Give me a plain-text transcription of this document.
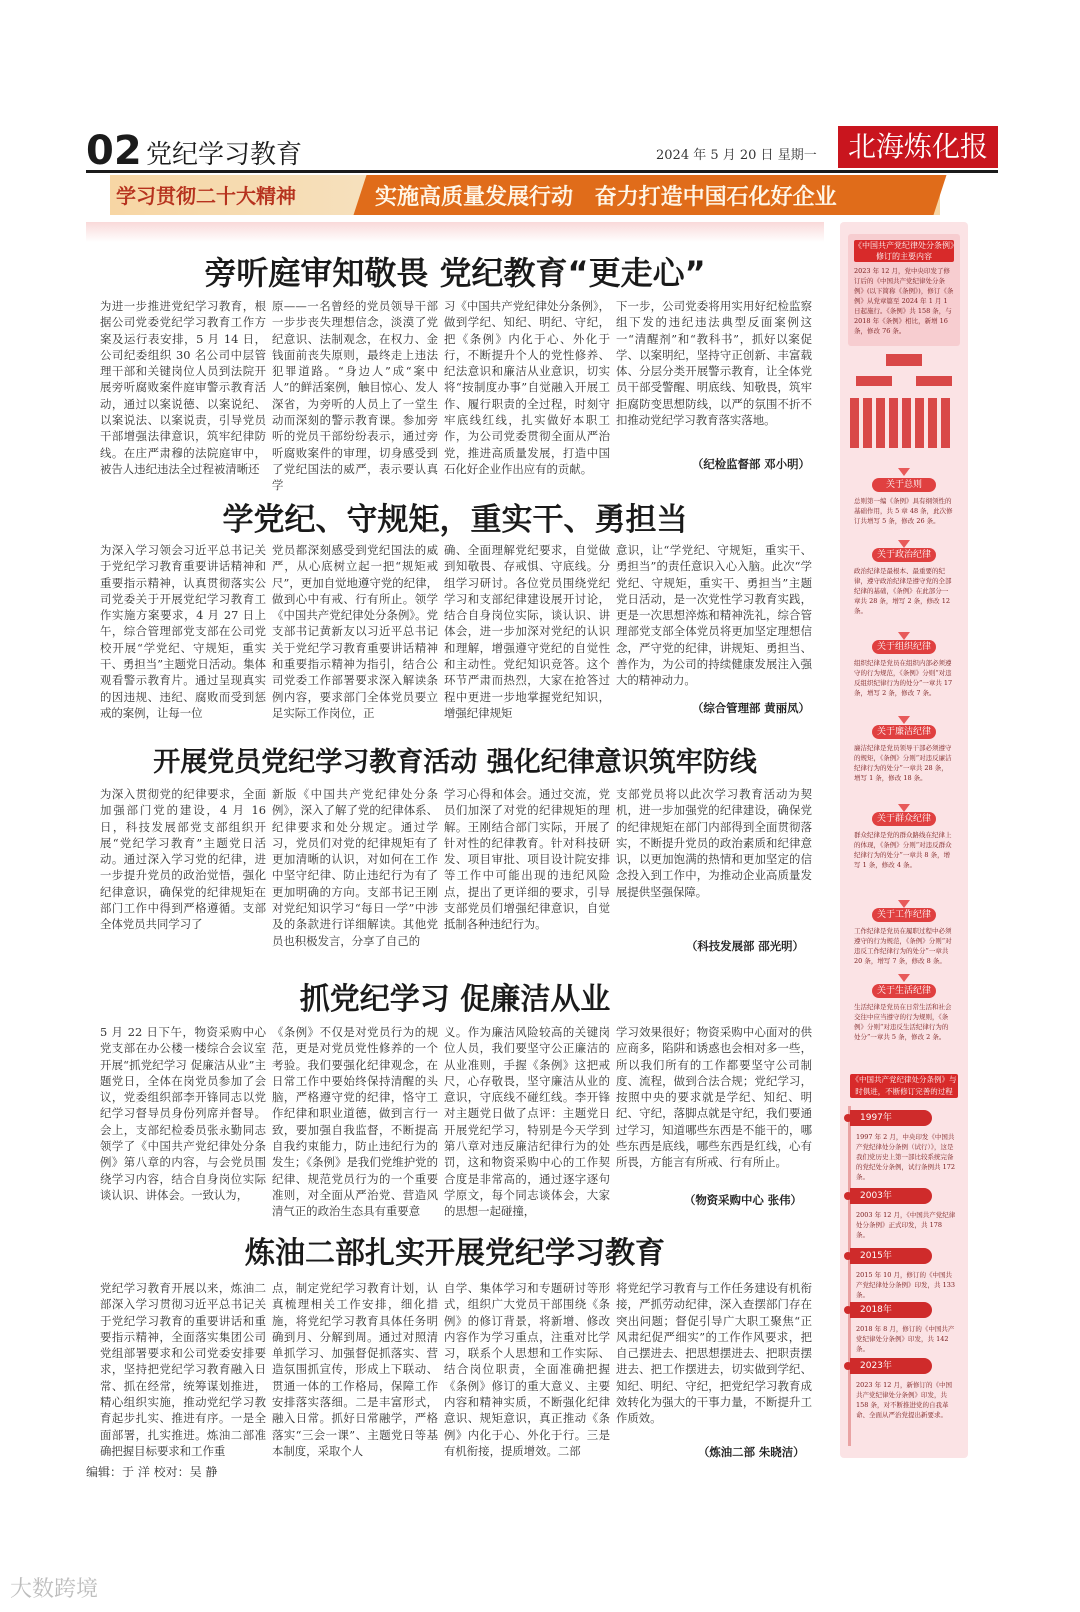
02 党纪学习教育	2024 年 5 月 20 日 星期一	北海炼化报
学习贯彻二十大精神	实施高质量发展行动 奋力打造中国石化好企业
旁听庭审知敬畏 党纪教育“更走心”
为进一步推进党纪学习教育，根据公司党委党纪学习教育工作方案及运行表安排，5 月 14 日，公司纪委组织 30 名公司中层管理干部和关键岗位人员到法院开展旁听腐败案件庭审警示教育活动，通过以案说德、以案说纪、以案说法、以案说责，引导党员干部增强法律意识，筑牢纪律防线。在庄严肃穆的法院庭审中，被告人违纪违法全过程被清晰还
原——一名曾经的党员领导干部一步步丧失理想信念，淡漠了党纪意识、法制观念，在权力、金钱面前丧失原则，最终走上违法犯罪道路。“身边人”成“案中人”的鲜活案例，触目惊心、发人深省，为旁听的人员上了一堂生动而深刻的警示教育课。参加旁听的党员干部纷纷表示，通过旁听腐败案件的审理，切身感受到了党纪国法的威严，表示要认真学
习《中国共产党纪律处分条例》，做到学纪、知纪、明纪、守纪，把《条例》内化于心、外化于行，不断提升个人的党性修养、纪法意识和廉洁从业意识，切实将“按制度办事”自觉融入开展工作、履行职责的全过程，时刻守牢底线红线，扎实做好本职工作，为公司党委贯彻全面从严治党，推进高质量发展，打造中国石化好企业作出应有的贡献。
下一步，公司党委将用实用好纪检监察组下发的违纪违法典型反面案例这一“清醒剂”和“教科书”，抓好以案促学、以案明纪，坚持守正创新、丰富载体、分层分类开展警示教育，让全体党员干部受警醒、明底线、知敬畏，筑牢拒腐防变思想防线，以严的氛围不折不扣推动党纪学习教育落实落地。
（纪检监督部 邓小明）
学党纪、守规矩，重实干、勇担当
为深入学习领会习近平总书记关于党纪学习教育重要讲话精神和重要指示精神，认真贯彻落实公司党委关于开展党纪学习教育工作实施方案要求，4 月 27 日上午，综合管理部党支部在公司党校开展“学党纪、守规矩，重实干、勇担当”主题党日活动。集体观看警示教育片。通过呈现真实的因违规、违纪、腐败而受到惩戒的案例，让每一位
党员都深刻感受到党纪国法的威严，从心底树立起一把“规矩戒尺”，更加自觉地遵守党的纪律，做到心中有戒、行有所止。领学《中国共产党纪律处分条例》。党支部书记黄新友以习近平总书记关于党纪学习教育重要讲话精神和重要指示精神为指引，结合公司党委工作部署要求深入解读条例内容，要求部门全体党员要立足实际工作岗位，正
确、全面理解党纪要求，自觉做到知敬畏、存戒惧、守底线。分组学习研讨。各位党员围绕党纪学习和支部纪律建设展开讨论，结合自身岗位实际，谈认识、讲体会，进一步加深对党纪的认识和理解，增强遵守党纪的自觉性和主动性。党纪知识竞答。这个环节严肃而热烈，大家在抢答过程中更进一步地掌握党纪知识，增强纪律规矩
意识，让“学党纪、守规矩，重实干、勇担当”的责任意识入心入脑。此次“学党纪、守规矩，重实干、勇担当”主题党日活动，是一次党性学习教育实践，更是一次思想淬炼和精神洗礼，综合管理部党支部全体党员将更加坚定理想信念，严守党的纪律，讲规矩、勇担当、善作为，为公司的持续健康发展注入强大的精神动力。
（综合管理部 黄丽凤）
开展党员党纪学习教育活动 强化纪律意识筑牢防线
为深入贯彻党的纪律要求，全面加强部门党的建设，4 月 16 日，科技发展部党支部组织开展“党纪学习教育”主题党日活动。通过深入学习党的纪律，进一步提升党员的政治觉悟，强化纪律意识，确保党的纪律规矩在部门工作中得到严格遵循。支部全体党员共同学习了
新版《中国共产党纪律处分条例》，深入了解了党的纪律体系、纪律要求和处分规定。通过学习，党员们对党的纪律规矩有了更加清晰的认识，对如何在工作中坚守纪律、防止违纪行为有了更加明确的方向。支部书记王刚对党纪知识学习“每日一学”中涉及的条款进行详细解读。其他党员也积极发言，分享了自己的
学习心得和体会。通过交流，党员们加深了对党的纪律规矩的理解。王刚结合部门实际，开展了针对性的纪律教育。针对科技研发、项目审批、项目设计院安排等工作中可能出现的违纪风险点，提出了更详细的要求，引导支部党员们增强纪律意识，自觉抵制各种违纪行为。
支部党员将以此次学习教育活动为契机，进一步加强党的纪律建设，确保党的纪律规矩在部门内部得到全面贯彻落实，不断提升党员的政治素质和纪律意识，以更加饱满的热情和更加坚定的信念投入到工作中，为推动企业高质量发展提供坚强保障。
（科技发展部 邵光明）
抓党纪学习 促廉洁从业
5 月 22 日下午，物资采购中心党支部在办公楼一楼综合会议室开展“抓党纪学习 促廉洁从业”主题党日，全体在岗党员参加了会议，党委组织部李开锋同志以党纪学习督导员身份列席并督导。会上，支部纪检委员张永勤同志领学了《中国共产党纪律处分条例》第八章的内容，与会党员围绕学习内容，结合自身岗位实际谈认识、讲体会。一致认为，
《条例》不仅是对党员行为的规范，更是对党员党性修养的一个考验。我们要强化纪律观念，在日常工作中要始终保持清醒的头脑，严格遵守党的纪律，恪守工作纪律和职业道德，做到言行一致，要加强自我监督，不断提高自我约束能力，防止违纪行为的发生；《条例》是我们党维护党的纪律、规范党员行为的一个重要准则，对全面从严治党、营造风清气正的政治生态具有重要意
义。作为廉洁风险较高的关键岗位人员，我们要坚守公正廉洁的从业准则，手握《条例》这把戒尺，心存敬畏，坚守廉洁从业的意识，守底线不碰红线。李开锋对主题党日做了点评：主题党日开展党纪学习，特别是今天学到第八章对违反廉洁纪律行为的处罚，这和物资采购中心的工作契合度是非常高的，通过逐字逐句学原文，每个同志谈体会，大家的思想一起碰撞，
学习效果很好；物资采购中心面对的供应商多，陷阱和诱惑也会相对多一些，所以我们所有的工作都要坚守公司制度、流程，做到合法合规；党纪学习，按照中央的要求就是学纪、知纪、明纪、守纪，落脚点就是守纪，我们要通过学习，知道哪些东西是不能干的，哪些东西是底线，哪些东西是红线，心有所畏，方能言有所戒、行有所止。
（物资采购中心 张伟）
炼油二部扎实开展党纪学习教育
党纪学习教育开展以来，炼油二部深入学习贯彻习近平总书记关于党纪学习教育的重要讲话和重要指示精神，全面落实集团公司党组部署要求和公司党委安排要求，坚持把党纪学习教育融入日常、抓在经常，统筹谋划推进，精心组织实施，推动党纪学习教育起步扎实、推进有序。一是全面部署，扎实推进。炼油二部准确把握目标要求和工作重
点，制定党纪学习教育计划，认真梳理相关工作安排，细化措施，将党纪学习教育具体任务明确到月、分解到周。通过对照清单抓学习、加强督促抓落实、营造氛围抓宣传，形成上下联动、贯通一体的工作格局，保障工作安排落实落细。二是丰富形式，融入日常。抓好日常融学，严格落实“三会一课”、主题党日等基本制度，采取个人
自学、集体学习和专题研讨等形式，组织广大党员干部围绕《条例》的修订背景，将新增、修改内容作为学习重点，注重对比学习，联系个人思想和工作实际、结合岗位职责，全面准确把握《条例》修订的重大意义、主要内容和精神实质，不断强化纪律意识、规矩意识，真正推动《条例》内化于心、外化于行。三是有机衔接，提质增效。二部
将党纪学习教育与工作任务建设有机衔接，严抓劳动纪律，深入查摆部门存在突出问题；督促引导广大职工聚焦“正风肃纪促严细实”的工作作风要求，把自己摆进去、把思想摆进去、把职责摆进去、把工作摆进去，切实做到学纪、知纪、明纪、守纪，把党纪学习教育成效转化为强大的干事力量，不断提升工作质效。
（炼油二部 朱晓洁）
《中国共产党纪律处分条例》修订的主要内容
2023 年 12 月，党中央印发了修订后的《中国共产党纪律处分条例》(以下简称《条例》)，修订《条例》从党章篇至 2024 年 1 月 1 日起施行。《条例》共 158 条，与 2018 年《条例》相比，新增 16 条，修改 76 条。
关于总则
总则第一编《条例》具有纲领性的基础作用，共 5 章 48 条，此次修订共增写 5 条，修改 26 条。
关于政治纪律
政治纪律是最根本、最重要的纪律，遵守政治纪律是遵守党的全部纪律的基础，《条例》在此部分一章共 28 条，增写 2 条，修改 12 条。
关于组织纪律
组织纪律是党员在组织内部必须遵守的行为规范，《条例》分则“对违反组织纪律行为的处分”一章共 17 条，增写 2 条，修改 7 条。
关于廉洁纪律
廉洁纪律是党员领导干部必须遵守的规矩，《条例》分则“对违反廉洁纪律行为的处分”一章共 28 条，增写 1 条，修改 18 条。
关于群众纪律
群众纪律是党的群众路线在纪律上的体现，《条例》分则“对违反群众纪律行为的处分”一章共 8 条，增写 1 条，修改 4 条。
关于工作纪律
工作纪律是党员在履职过程中必须遵守的行为规范，《条例》分则“对违反工作纪律行为的处分”一章共 20 条，增写 7 条，修改 8 条。
关于生活纪律
生活纪律是党员在日常生活和社会交往中应当遵守的行为规则，《条例》分则“对违反生活纪律行为的处分”一章共 5 条，修改 2 条。
《中国共产党纪律处分条例》与时俱进，不断修订完善的过程
1997年
1997 年 2 月，中央印发《中国共产党纪律处分条例（试行）》，这是我们党历史上第一部比较系统完备的党纪处分条例，试行条例共 172 条。
2003年
2003 年 12 月，《中国共产党纪律处分条例》正式印发，共 178 条。
2015年
2015 年 10 月，修订的《中国共产党纪律处分条例》印发，共 133 条。
2018年
2018 年 8 月，修订的《中国共产党纪律处分条例》印发，共 142 条。
2023年
2023 年 12 月，新修订的《中国共产党纪律处分条例》印发，共 158 条，对不断推进党的自我革命、全面从严治党提出新要求。
编辑：于 洋 校对：吴 静
大数跨境
